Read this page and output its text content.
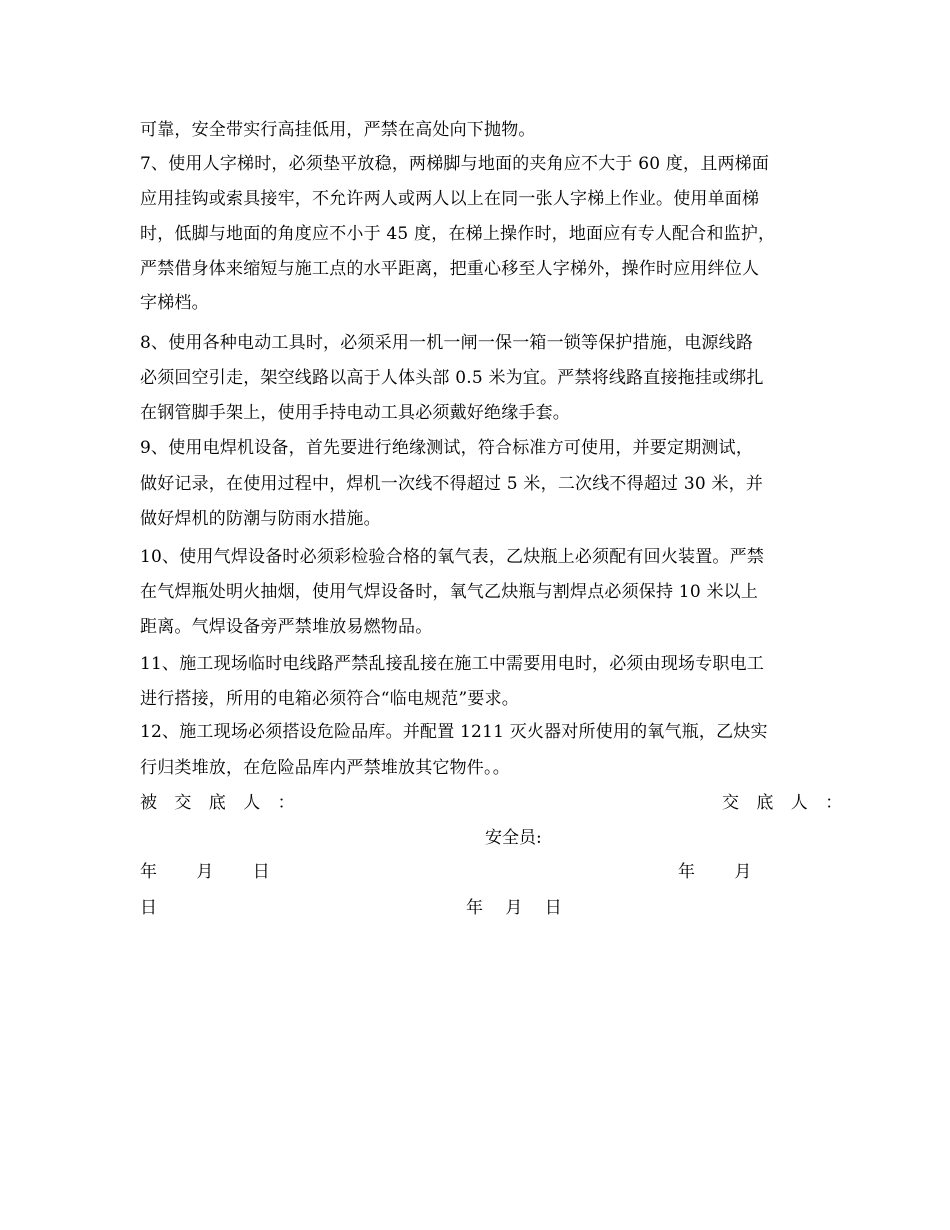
可靠，安全带实行高挂低用，严禁在高处向下抛物。
7、使用人字梯时，必须垫平放稳，两梯脚与地面的夹角应不大于 60 度，且两梯面
应用挂钩或索具接牢，不允许两人或两人以上在同一张人字梯上作业。使用单面梯
时，低脚与地面的角度应不小于 45 度，在梯上操作时，地面应有专人配合和监护，
严禁借身体来缩短与施工点的水平距离，把重心移至人字梯外，操作时应用绊位人
字梯档。
8、使用各种电动工具时，必须采用一机一闸一保一箱一锁等保护措施，电源线路
必须回空引走，架空线路以高于人体头部 0.5 米为宜。严禁将线路直接拖挂或绑扎
在钢管脚手架上，使用手持电动工具必须戴好绝缘手套。
9、使用电焊机设备，首先要进行绝缘测试，符合标准方可使用，并要定期测试，
做好记录，在使用过程中，焊机一次线不得超过 5 米，二次线不得超过 30 米，并
做好焊机的防潮与防雨水措施。
10、使用气焊设备时必须彩检验合格的氧气表，乙炔瓶上必须配有回火装置。严禁
在气焊瓶处明火抽烟，使用气焊设备时，氧气乙炔瓶与割焊点必须保持 10 米以上
距离。气焊设备旁严禁堆放易燃物品。
11、施工现场临时电线路严禁乱接乱接在施工中需要用电时，必须由现场专职电工
进行搭接，所用的电箱必须符合“临电规范”要求。
12、施工现场必须搭设危险品库。并配置 1211 灭火器对所使用的氧气瓶，乙炔实
行归类堆放，在危险品库内严禁堆放其它物件。。
被 交 底 人 ：	交 底 人 ：
安全员:
年 　　月 　　日	年 　　月
日	年 　月 　日
